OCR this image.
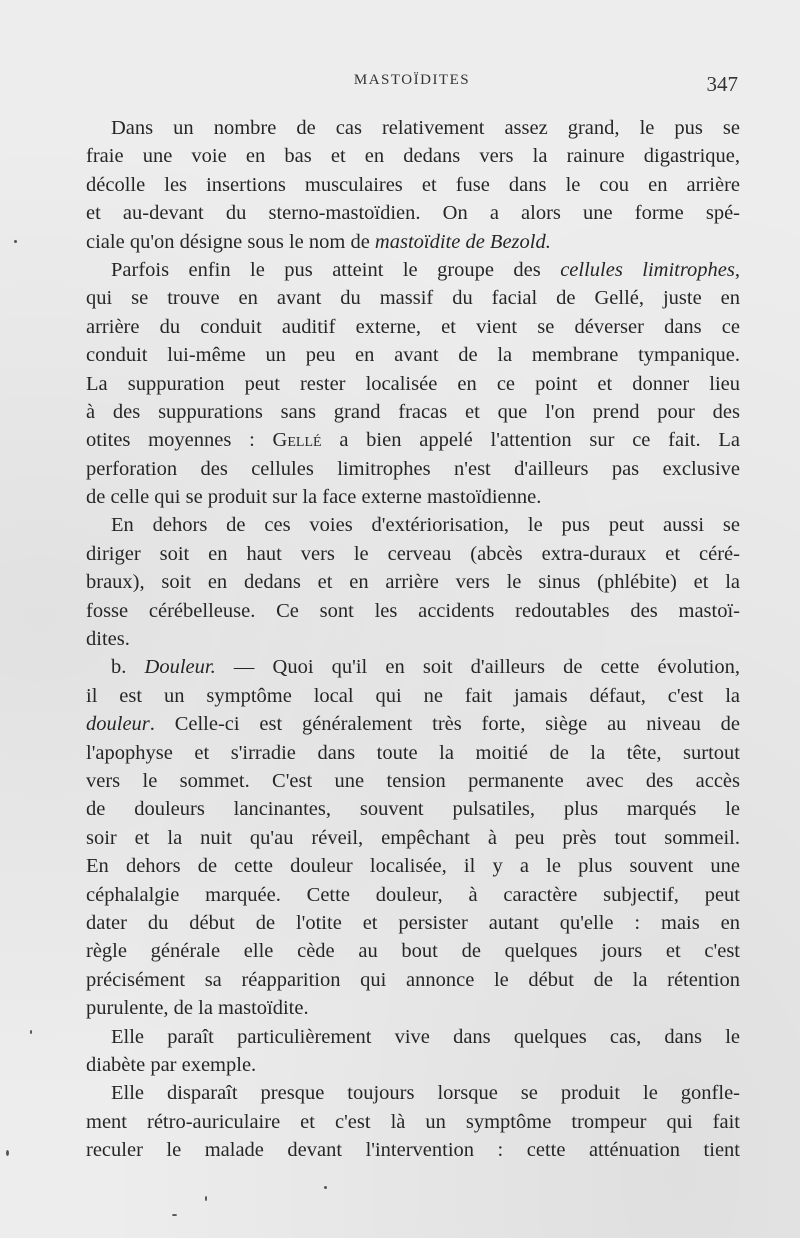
MASTOÏDITES	347
Dans un nombre de cas relativement assez grand, le pus se
fraie une voie en bas et en dedans vers la rainure digastrique,
décolle les insertions musculaires et fuse dans le cou en arrière
et au-devant du sterno-mastoïdien. On a alors une forme spé-
ciale qu'on désigne sous le nom de mastoïdite de Bezold.
Parfois enfin le pus atteint le groupe des cellules limitrophes,
qui se trouve en avant du massif du facial de Gellé, juste en
arrière du conduit auditif externe, et vient se déverser dans ce
conduit lui-même un peu en avant de la membrane tympanique.
La suppuration peut rester localisée en ce point et donner lieu
à des suppurations sans grand fracas et que l'on prend pour des
otites moyennes : Gellé a bien appelé l'attention sur ce fait. La
perforation des cellules limitrophes n'est d'ailleurs pas exclusive
de celle qui se produit sur la face externe mastoïdienne.
En dehors de ces voies d'extériorisation, le pus peut aussi se
diriger soit en haut vers le cerveau (abcès extra-duraux et céré-
braux), soit en dedans et en arrière vers le sinus (phlébite) et la
fosse cérébelleuse. Ce sont les accidents redoutables des mastoï-
dites.
b. Douleur. — Quoi qu'il en soit d'ailleurs de cette évolution,
il est un symptôme local qui ne fait jamais défaut, c'est la
douleur. Celle-ci est généralement très forte, siège au niveau de
l'apophyse et s'irradie dans toute la moitié de la tête, surtout
vers le sommet. C'est une tension permanente avec des accès
de douleurs lancinantes, souvent pulsatiles, plus marqués le
soir et la nuit qu'au réveil, empêchant à peu près tout sommeil.
En dehors de cette douleur localisée, il y a le plus souvent une
céphalalgie marquée. Cette douleur, à caractère subjectif, peut
dater du début de l'otite et persister autant qu'elle : mais en
règle générale elle cède au bout de quelques jours et c'est
précisément sa réapparition qui annonce le début de la rétention
purulente, de la mastoïdite.
Elle paraît particulièrement vive dans quelques cas, dans le
diabète par exemple.
Elle disparaît presque toujours lorsque se produit le gonfle-
ment rétro-auriculaire et c'est là un symptôme trompeur qui fait
reculer le malade devant l'intervention : cette atténuation tient
